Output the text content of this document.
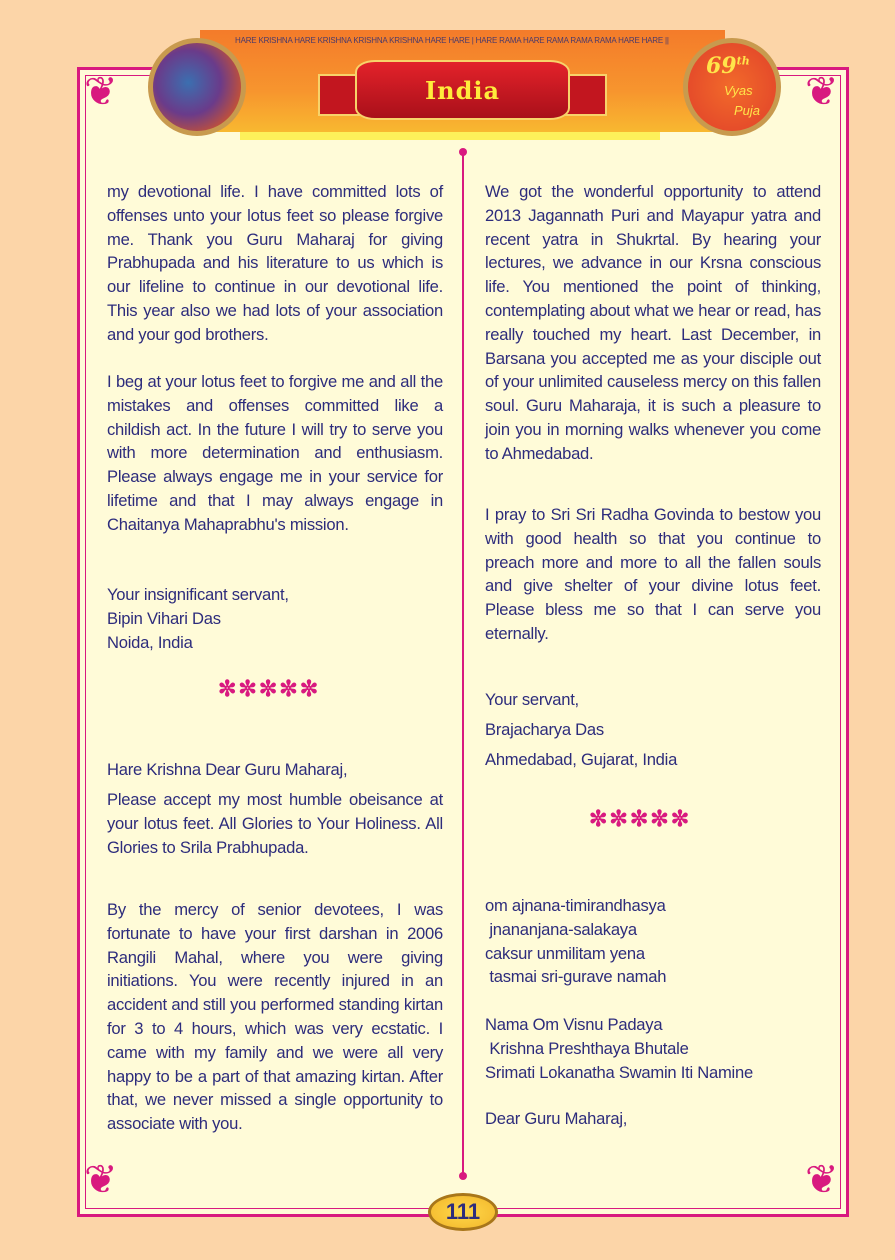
❦	❦
❦	❦
HARE KRISHNA HARE KRISHNA KRISHNA KRISHNA HARE HARE | HARE RAMA HARE RAMA RAMA RAMA HARE HARE ||
India
69th
Vyas
Puja

my devotional life. I have committed lots of offenses unto your lotus feet so please forgive me. Thank you Guru Maharaj for giving Prabhupada and his literature to us which is our lifeline to continue in our devotional life. This year also we had lots of your association and your god brothers.

I beg at your lotus feet to forgive me and all the mistakes and offenses committed like a childish act. In the future I will try to serve you with more determination and enthusiasm. Please always engage me in your service for lifetime and that I may always engage in Chaitanya Mahaprabhu's mission.

Your insignificant servant,
Bipin Vihari Das
Noida, India
✼✼✼✼✼
Hare Krishna Dear Guru Maharaj,

Please accept my most humble obeisance at your lotus feet. All Glories to Your Holiness. All Glories to Srila Prabhupada.

By the mercy of senior devotees, I was fortunate to have your first darshan in 2006 Rangili Mahal, where you were giving initiations. You were recently injured in an accident and still you performed standing kirtan for 3 to 4 hours, which was very ecstatic. I came with my family and we were all very happy to be a part of that amazing kirtan. After that, we never missed a single opportunity to associate with you.

We got the wonderful opportunity to attend 2013 Jagannath Puri and Mayapur yatra and recent yatra in Shukrtal. By hearing your lectures, we advance in our Krsna conscious life. You mentioned the point of thinking, contemplating about what we hear or read, has really touched my heart. Last December, in Barsana you accepted me as your disciple out of your unlimited causeless mercy on this fallen soul. Guru Maharaja, it is such a pleasure to join you in morning walks whenever you come to Ahmedabad.

I pray to Sri Sri Radha Govinda to bestow you with good health so that you continue to preach more and more to all the fallen souls and give shelter of your divine lotus feet. Please bless me so that I can serve you eternally.

Your servant,
Brajacharya Das
Ahmedabad, Gujarat, India
✼✼✼✼✼
om ajnana-timirandhasya
jnananjana-salakaya
caksur unmilitam yena
tasmai sri-gurave namah
Nama Om Visnu Padaya
Krishna Preshthaya Bhutale
Srimati Lokanatha Swamin Iti Namine
Dear Guru Maharaj,
111
